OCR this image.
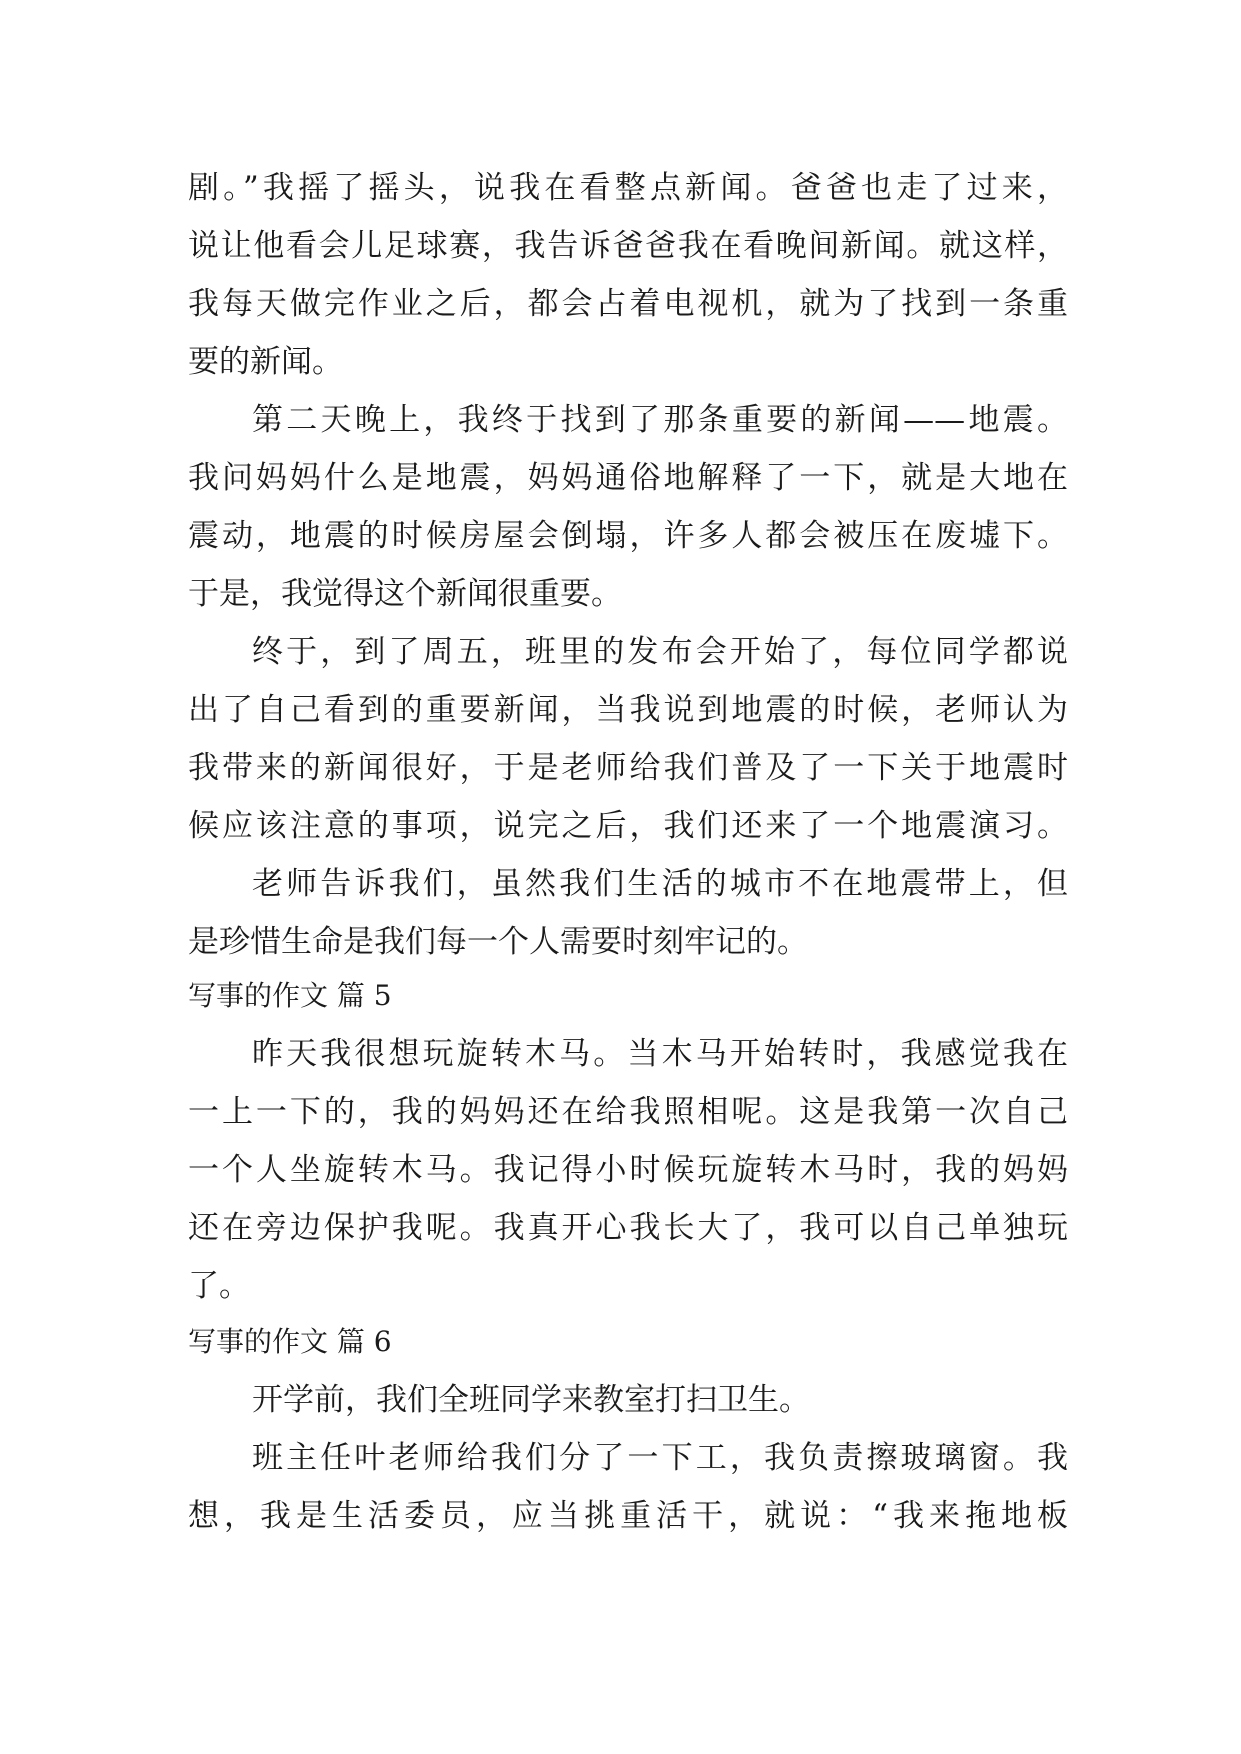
剧。”我摇了摇头，说我在看整点新闻。爸爸也走了过来，
说让他看会儿足球赛，我告诉爸爸我在看晚间新闻。就这样，
我每天做完作业之后，都会占着电视机，就为了找到一条重
要的新闻。
第二天晚上，我终于找到了那条重要的新闻——地震。
我问妈妈什么是地震，妈妈通俗地解释了一下，就是大地在
震动，地震的时候房屋会倒塌，许多人都会被压在废墟下。
于是，我觉得这个新闻很重要。
终于，到了周五，班里的发布会开始了，每位同学都说
出了自己看到的重要新闻，当我说到地震的时候，老师认为
我带来的新闻很好，于是老师给我们普及了一下关于地震时
候应该注意的事项，说完之后，我们还来了一个地震演习。
老师告诉我们，虽然我们生活的城市不在地震带上，但
是珍惜生命是我们每一个人需要时刻牢记的。
写事的作文 篇 5
昨天我很想玩旋转木马。当木马开始转时，我感觉我在
一上一下的，我的妈妈还在给我照相呢。这是我第一次自己
一个人坐旋转木马。我记得小时候玩旋转木马时，我的妈妈
还在旁边保护我呢。我真开心我长大了，我可以自己单独玩
了。
写事的作文 篇 6
开学前，我们全班同学来教室打扫卫生。
班主任叶老师给我们分了一下工，我负责擦玻璃窗。我
想，我是生活委员，应当挑重活干，就说：“我来拖地板
